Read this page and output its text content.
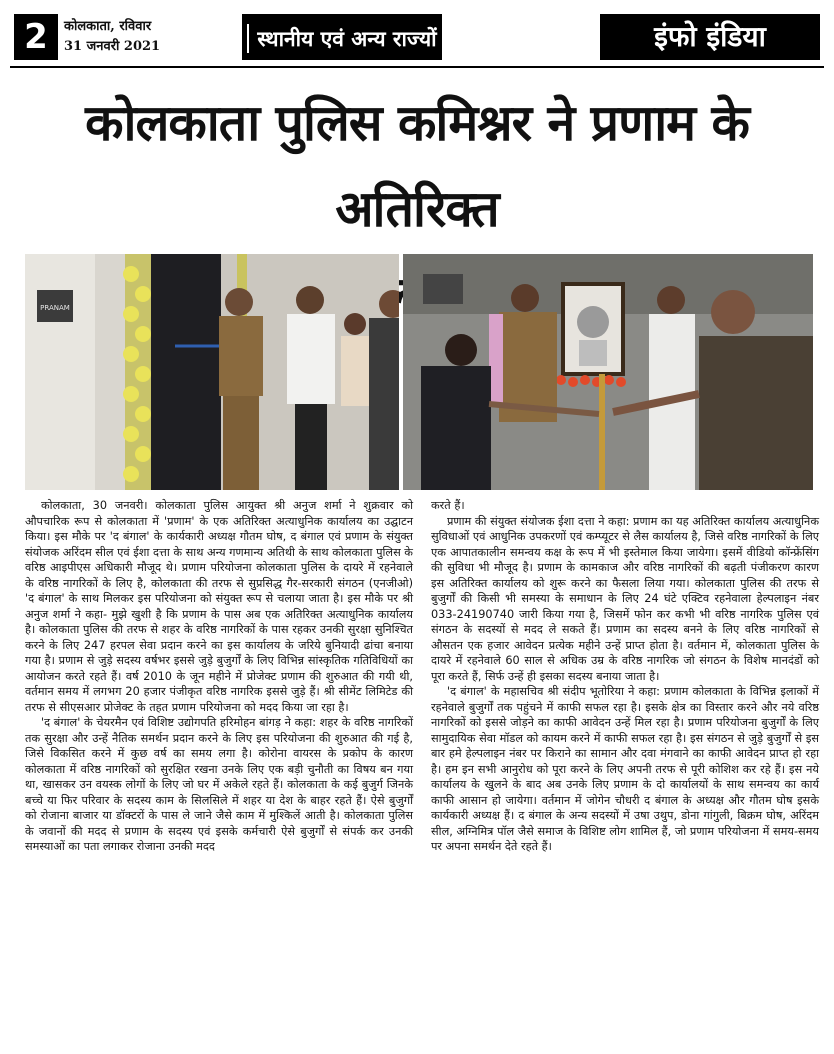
2	कोलकाता, रविवार
31 जनवरी 2021	स्थानीय एवं अन्य राज्यों से
इंफो इंडिया
कोलकाता पुलिस कमिश्नर ने प्रणाम के अतिरिक्त
PRANAM

कोलकाता, 30 जनवरी। कोलकाता पुलिस आयुक्त श्री अनुज शर्मा ने शुक्रवार को औपचारिक रूप से कोलकाता में 'प्रणाम' के एक अतिरिक्त अत्याधुनिक कार्यालय का उद्घाटन किया। इस मौके पर 'द बंगाल' के कार्यकारी अध्यक्ष गौतम घोष, द बंगाल एवं प्रणाम के संयुक्त संयोजक अरिंदम सील एवं ईशा दत्ता के साथ अन्य गणमान्य अतिथी के साथ कोलकाता पुलिस के वरिष्ठ आइपीएस अधिकारी मौजूद थे। प्रणाम परियोजना कोलकाता पुलिस के दायरे में रहनेवाले के वरिष्ठ नागरिकों के लिए है, कोलकाता की तरफ से सुप्रसिद्ध गैर-सरकारी संगठन (एनजीओ) 'द बंगाल' के साथ मिलकर इस परियोजना को संयुक्त रूप से चलाया जाता है। इस मौके पर श्री अनुज शर्मा ने कहा- मुझे खुशी है कि प्रणाम के पास अब एक अतिरिक्त अत्याधुनिक कार्यालय है। कोलकाता पुलिस की तरफ से शहर के वरिष्ठ नागरिकों के पास रहकर उनकी सुरक्षा सुनिश्चित करने के लिए 247 हरपल सेवा प्रदान करने का इस कार्यालय के जरिये बुनियादी ढांचा बनाया गया है। प्रणाम से जुड़े सदस्य वर्षभर इससे जुड़े बुजुर्गों के लिए विभिन्न सांस्कृतिक गतिविधियों का आयोजन करते रहते हैं। वर्ष 2010 के जून महीने में प्रोजेक्ट प्रणाम की शुरुआत की गयी थी, वर्तमान समय में लगभग 20 हजार पंजीकृत वरिष्ठ नागरिक इससे जुड़े हैं। श्री सीमेंट लिमिटेड की तरफ से सीएसआर प्रोजेक्ट के तहत प्रणाम परियोजना को मदद किया जा रहा है।

'द बंगाल' के चेयरमैन एवं विशिष्ट उद्योगपति हरिमोहन बांगड़ ने कहा: शहर के वरिष्ठ नागरिकों तक सुरक्षा और उन्हें नैतिक समर्थन प्रदान करने के लिए इस परियोजना की शुरुआत की गई है, जिसे विकसित करने में कुछ वर्ष का समय लगा है। कोरोना वायरस के प्रकोप के कारण कोलकाता में वरिष्ठ नागरिकों को सुरक्षित रखना उनके लिए एक बड़ी चुनौती का विषय बन गया था, खासकर उन वयस्क लोगों के लिए जो घर में अकेले रहते हैं। कोलकाता के कई बुजुर्ग जिनके बच्चे या फिर परिवार के सदस्य काम के सिलसिले में शहर या देश के बाहर रहते हैं। ऐसे बुजुर्गों को रोजाना बाजार या डॉक्टरों के पास ले जाने जैसे काम में मुश्किलें आती है। कोलकाता पुलिस के जवानों की मदद से प्रणाम के सदस्य एवं इसके कर्मचारी ऐसे बुजुर्गों से संपर्क कर उनकी समस्याओं का पता लगाकर रोजाना उनकी मदद

करते हैं।

प्रणाम की संयुक्त संयोजक ईशा दत्ता ने कहा: प्रणाम का यह अतिरिक्त कार्यालय अत्याधुनिक सुविधाओं एवं आधुनिक उपकरणों एवं कम्प्यूटर से लैस कार्यालय है, जिसे वरिष्ठ नागरिकों के लिए एक आपातकालीन समन्वय कक्ष के रूप में भी इस्तेमाल किया जायेगा। इसमें वीडियो कॉन्फ्रेंसिंग की सुविधा भी मौजूद है। प्रणाम के कामकाज और वरिष्ठ नागरिकों की बढ़ती पंजीकरण कारण इस अतिरिक्त कार्यालय को शुरू करने का फैसला लिया गया। कोलकाता पुलिस की तरफ से बुजुर्गों की किसी भी समस्या के समाधान के लिए 24 घंटे एक्टिव रहनेवाला हेल्पलाइन नंबर 033-24190740 जारी किया गया है, जिसमें फोन कर कभी भी वरिष्ठ नागरिक पुलिस एवं संगठन के सदस्यों से मदद ले सकते हैं। प्रणाम का सदस्य बनने के लिए वरिष्ठ नागरिकों से औसतन एक हजार आवेदन प्रत्येक महीने उन्हें प्राप्त होता है। वर्तमान में, कोलकाता पुलिस के दायरे में रहनेवाले 60 साल से अधिक उम्र के वरिष्ठ नागरिक जो संगठन के विशेष मानदंडों को पूरा करते हैं, सिर्फ उन्हें ही इसका सदस्य बनाया जाता है।

'द बंगाल' के महासचिव श्री संदीप भूतोरिया ने कहा: प्रणाम कोलकाता के विभिन्न इलाकों में रहनेवाले बुजुर्गों तक पहुंचने में काफी सफल रहा है। इसके क्षेत्र का विस्तार करने और नये वरिष्ठ नागरिकों को इससे जोड़ने का काफी आवेदन उन्हें मिल रहा है। प्रणाम परियोजना बुजुर्गों के लिए सामुदायिक सेवा मॉडल को कायम करने में काफी सफल रहा है। इस संगठन से जुड़े बुजुर्गों से इस बार हमे हेल्पलाइन नंबर पर किराने का सामान और दवा मंगवाने का काफी आवेदन प्राप्त हो रहा है। हम इन सभी आनुरोध को पूरा करने के लिए अपनी तरफ से पूरी कोशिश कर रहे हैं। इस नये कार्यालय के खुलने के बाद अब उनके लिए प्रणाम के दो कार्यालयों के साथ समन्वय का कार्य काफी आसान हो जायेगा। वर्तमान में जोगेन चौधरी द बंगाल के अध्यक्ष और गौतम घोष इसके कार्यकारी अध्यक्ष हैं। द बंगाल के अन्य सदस्यों में उषा उथुप, डोना गांगुली, बिक्रम घोष, अरिंदम सील, अग्निमित्र पॉल जैसे समाज के विशिष्ट लोग शामिल हैं, जो प्रणाम परियोजना में समय-समय पर अपना समर्थन देते रहते हैं।
